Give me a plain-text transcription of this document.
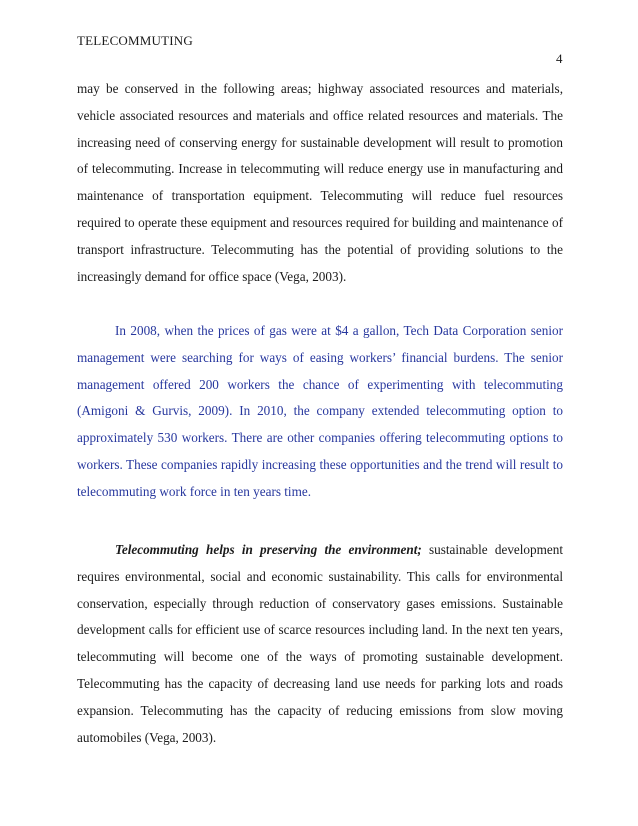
TELECOMMUTING
4

may be conserved in the following areas; highway associated resources and materials, vehicle associated resources and materials and office related resources and materials. The increasing need of conserving energy for sustainable development will result to promotion of telecommuting. Increase in telecommuting will reduce energy use in manufacturing and maintenance of transportation equipment. Telecommuting will reduce fuel resources required to operate these equipment and resources required for building and maintenance of transport infrastructure. Telecommuting has the potential of providing solutions to the increasingly demand for office space (Vega, 2003).

In 2008, when the prices of gas were at $4 a gallon, Tech Data Corporation senior management were searching for ways of easing workers’ financial burdens. The senior management offered 200 workers the chance of experimenting with telecommuting (Amigoni & Gurvis, 2009). In 2010, the company extended telecommuting option to approximately 530 workers. There are other companies offering telecommuting options to workers. These companies rapidly increasing these opportunities and the trend will result to telecommuting work force in ten years time.

Telecommuting helps in preserving the environment; sustainable development requires environmental, social and economic sustainability. This calls for environmental conservation, especially through reduction of conservatory gases emissions. Sustainable development calls for efficient use of scarce resources including land. In the next ten years, telecommuting will become one of the ways of promoting sustainable development. Telecommuting has the capacity of decreasing land use needs for parking lots and roads expansion. Telecommuting has the capacity of reducing emissions from slow moving automobiles (Vega, 2003).
